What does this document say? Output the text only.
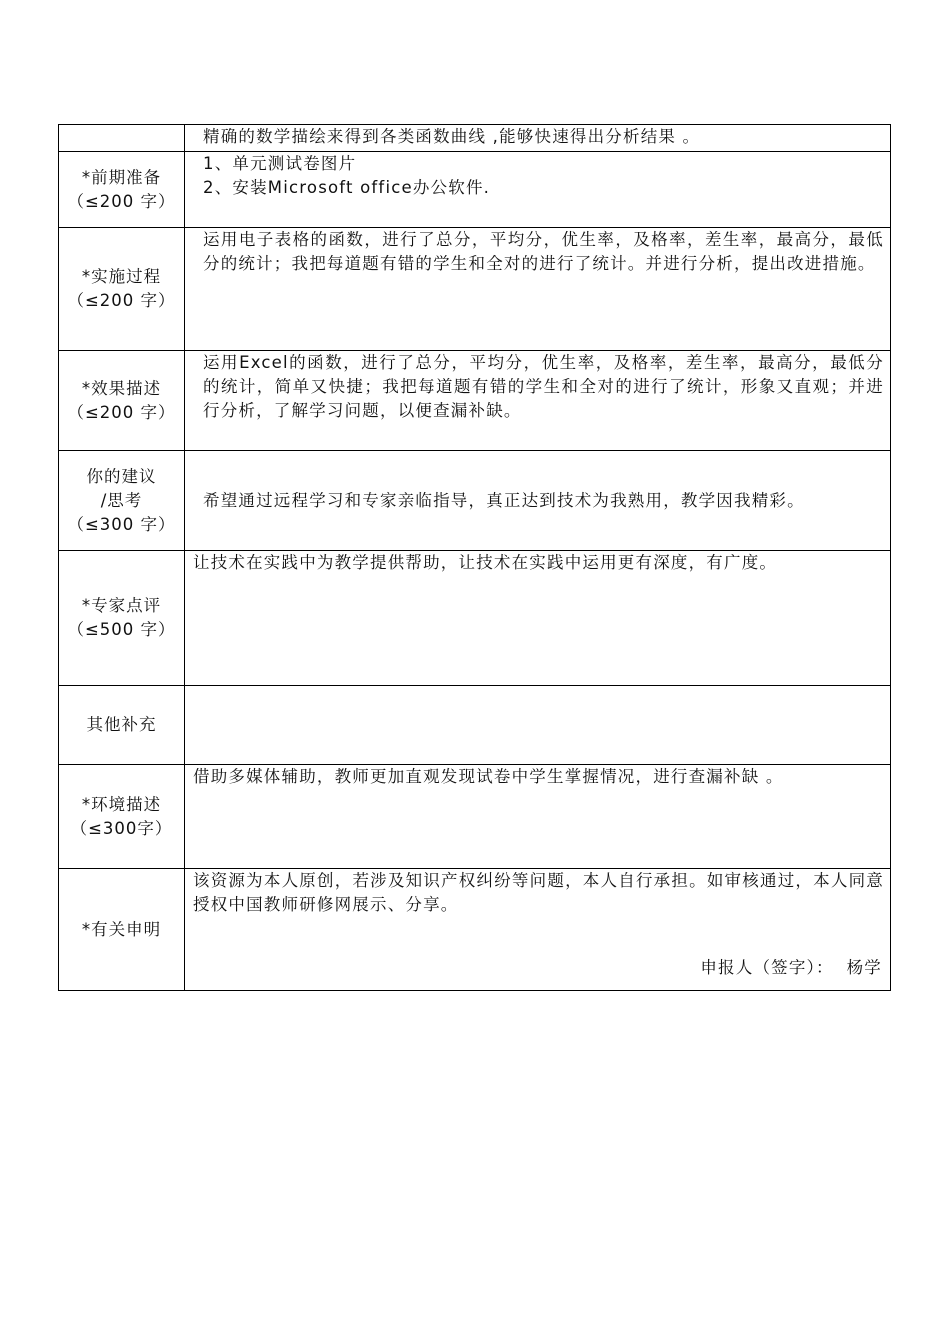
	精确的数学描绘来得到各类函数曲线 ,能够快速得出分析结果 。

*前期准备
（≤200 字）	1、单元测试卷图片
2、安装Microsoft office办公软件.

*实施过程
（≤200 字）	运用电子表格的函数，进行了总分，平均分，优生率，及格率，差生率，最高分，最低分的统计；我把每道题有错的学生和全对的进行了统计。并进行分析，提出改进措施。

*效果描述
（≤200 字）	运用Excel的函数，进行了总分，平均分，优生率，及格率，差生率，最高分，最低分的统计，简单又快捷；我把每道题有错的学生和全对的进行了统计，形象又直观；并进行分析，了解学习问题，以便查漏补缺。

你的建议
/思考
（≤300 字）	希望通过远程学习和专家亲临指导，真正达到技术为我熟用，教学因我精彩。

*专家点评
（≤500 字）	让技术在实践中为教学提供帮助，让技术在实践中运用更有深度，有广度。

其他补充	

*环境描述
（≤300字）	借助多媒体辅助，教师更加直观发现试卷中学生掌握情况，进行查漏补缺 。

*有关申明	该资源为本人原创，若涉及知识产权纠纷等问题，本人自行承担。如审核通过，本人同意授权中国教师研修网展示、分享。
申报人（签字）：  杨学
